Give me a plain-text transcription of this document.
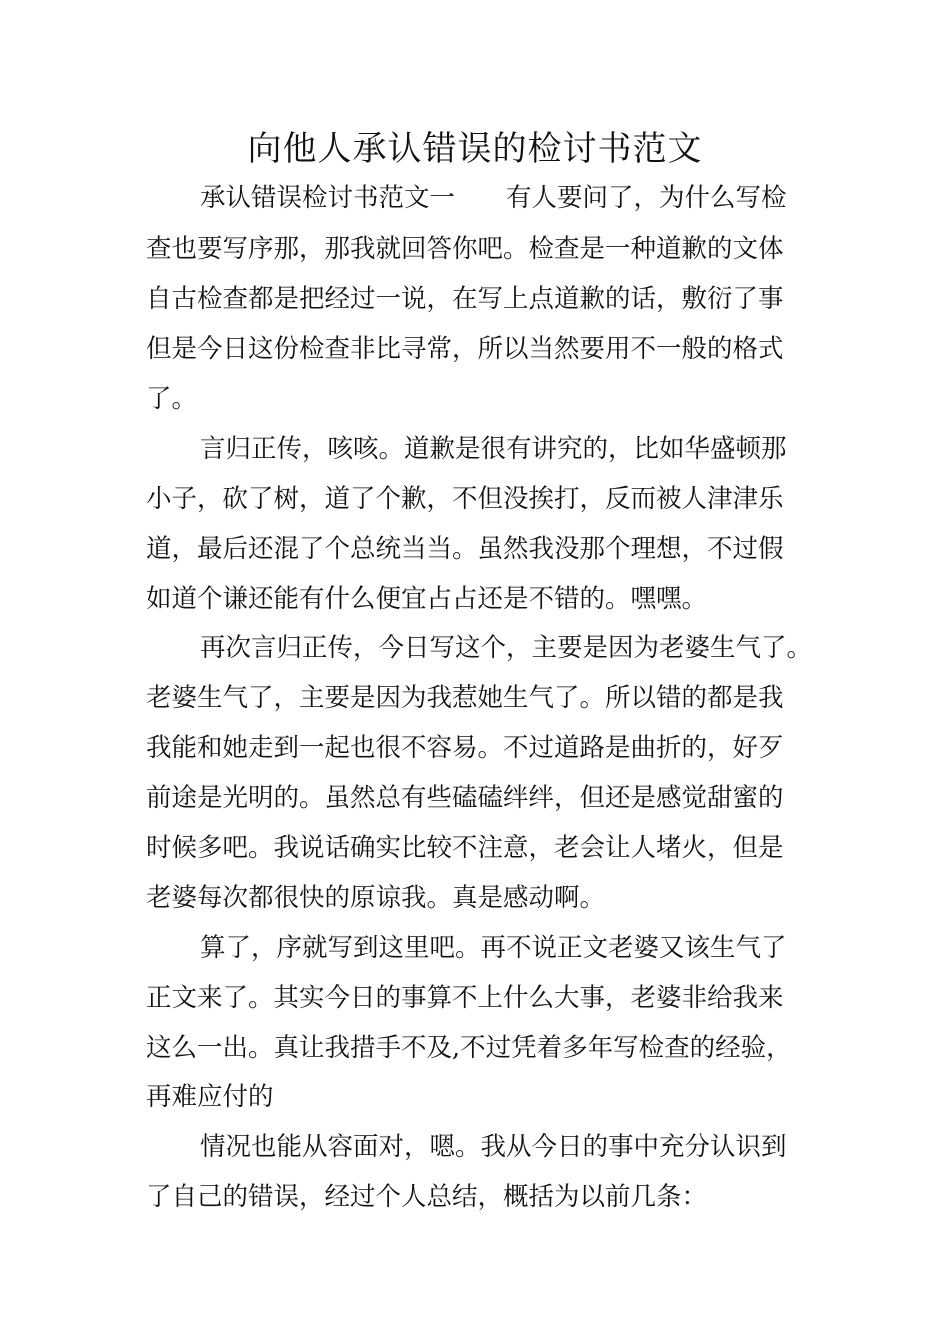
向他人承认错误的检讨书范文
承认错误检讨书范文一　　有人要问了，为什么写检
查也要写序那，那我就回答你吧。检查是一种道歉的文体
自古检查都是把经过一说，在写上点道歉的话，敷衍了事
但是今日这份检查非比寻常，所以当然要用不一般的格式
了。
言归正传，咳咳。道歉是很有讲究的，比如华盛顿那
小子，砍了树，道了个歉，不但没挨打，反而被人津津乐
道，最后还混了个总统当当。虽然我没那个理想，不过假
如道个谦还能有什么便宜占占还是不错的。嘿嘿。
再次言归正传，今日写这个，主要是因为老婆生气了。
老婆生气了，主要是因为我惹她生气了。所以错的都是我
我能和她走到一起也很不容易。不过道路是曲折的，好歹
前途是光明的。虽然总有些磕磕绊绊，但还是感觉甜蜜的
时候多吧。我说话确实比较不注意，老会让人堵火，但是
老婆每次都很快的原谅我。真是感动啊。
算了，序就写到这里吧。再不说正文老婆又该生气了
正文来了。其实今日的事算不上什么大事，老婆非给我来
这么一出。真让我措手不及,不过凭着多年写检查的经验，
再难应付的
情况也能从容面对，嗯。我从今日的事中充分认识到
了自己的错误，经过个人总结，概括为以前几条：
